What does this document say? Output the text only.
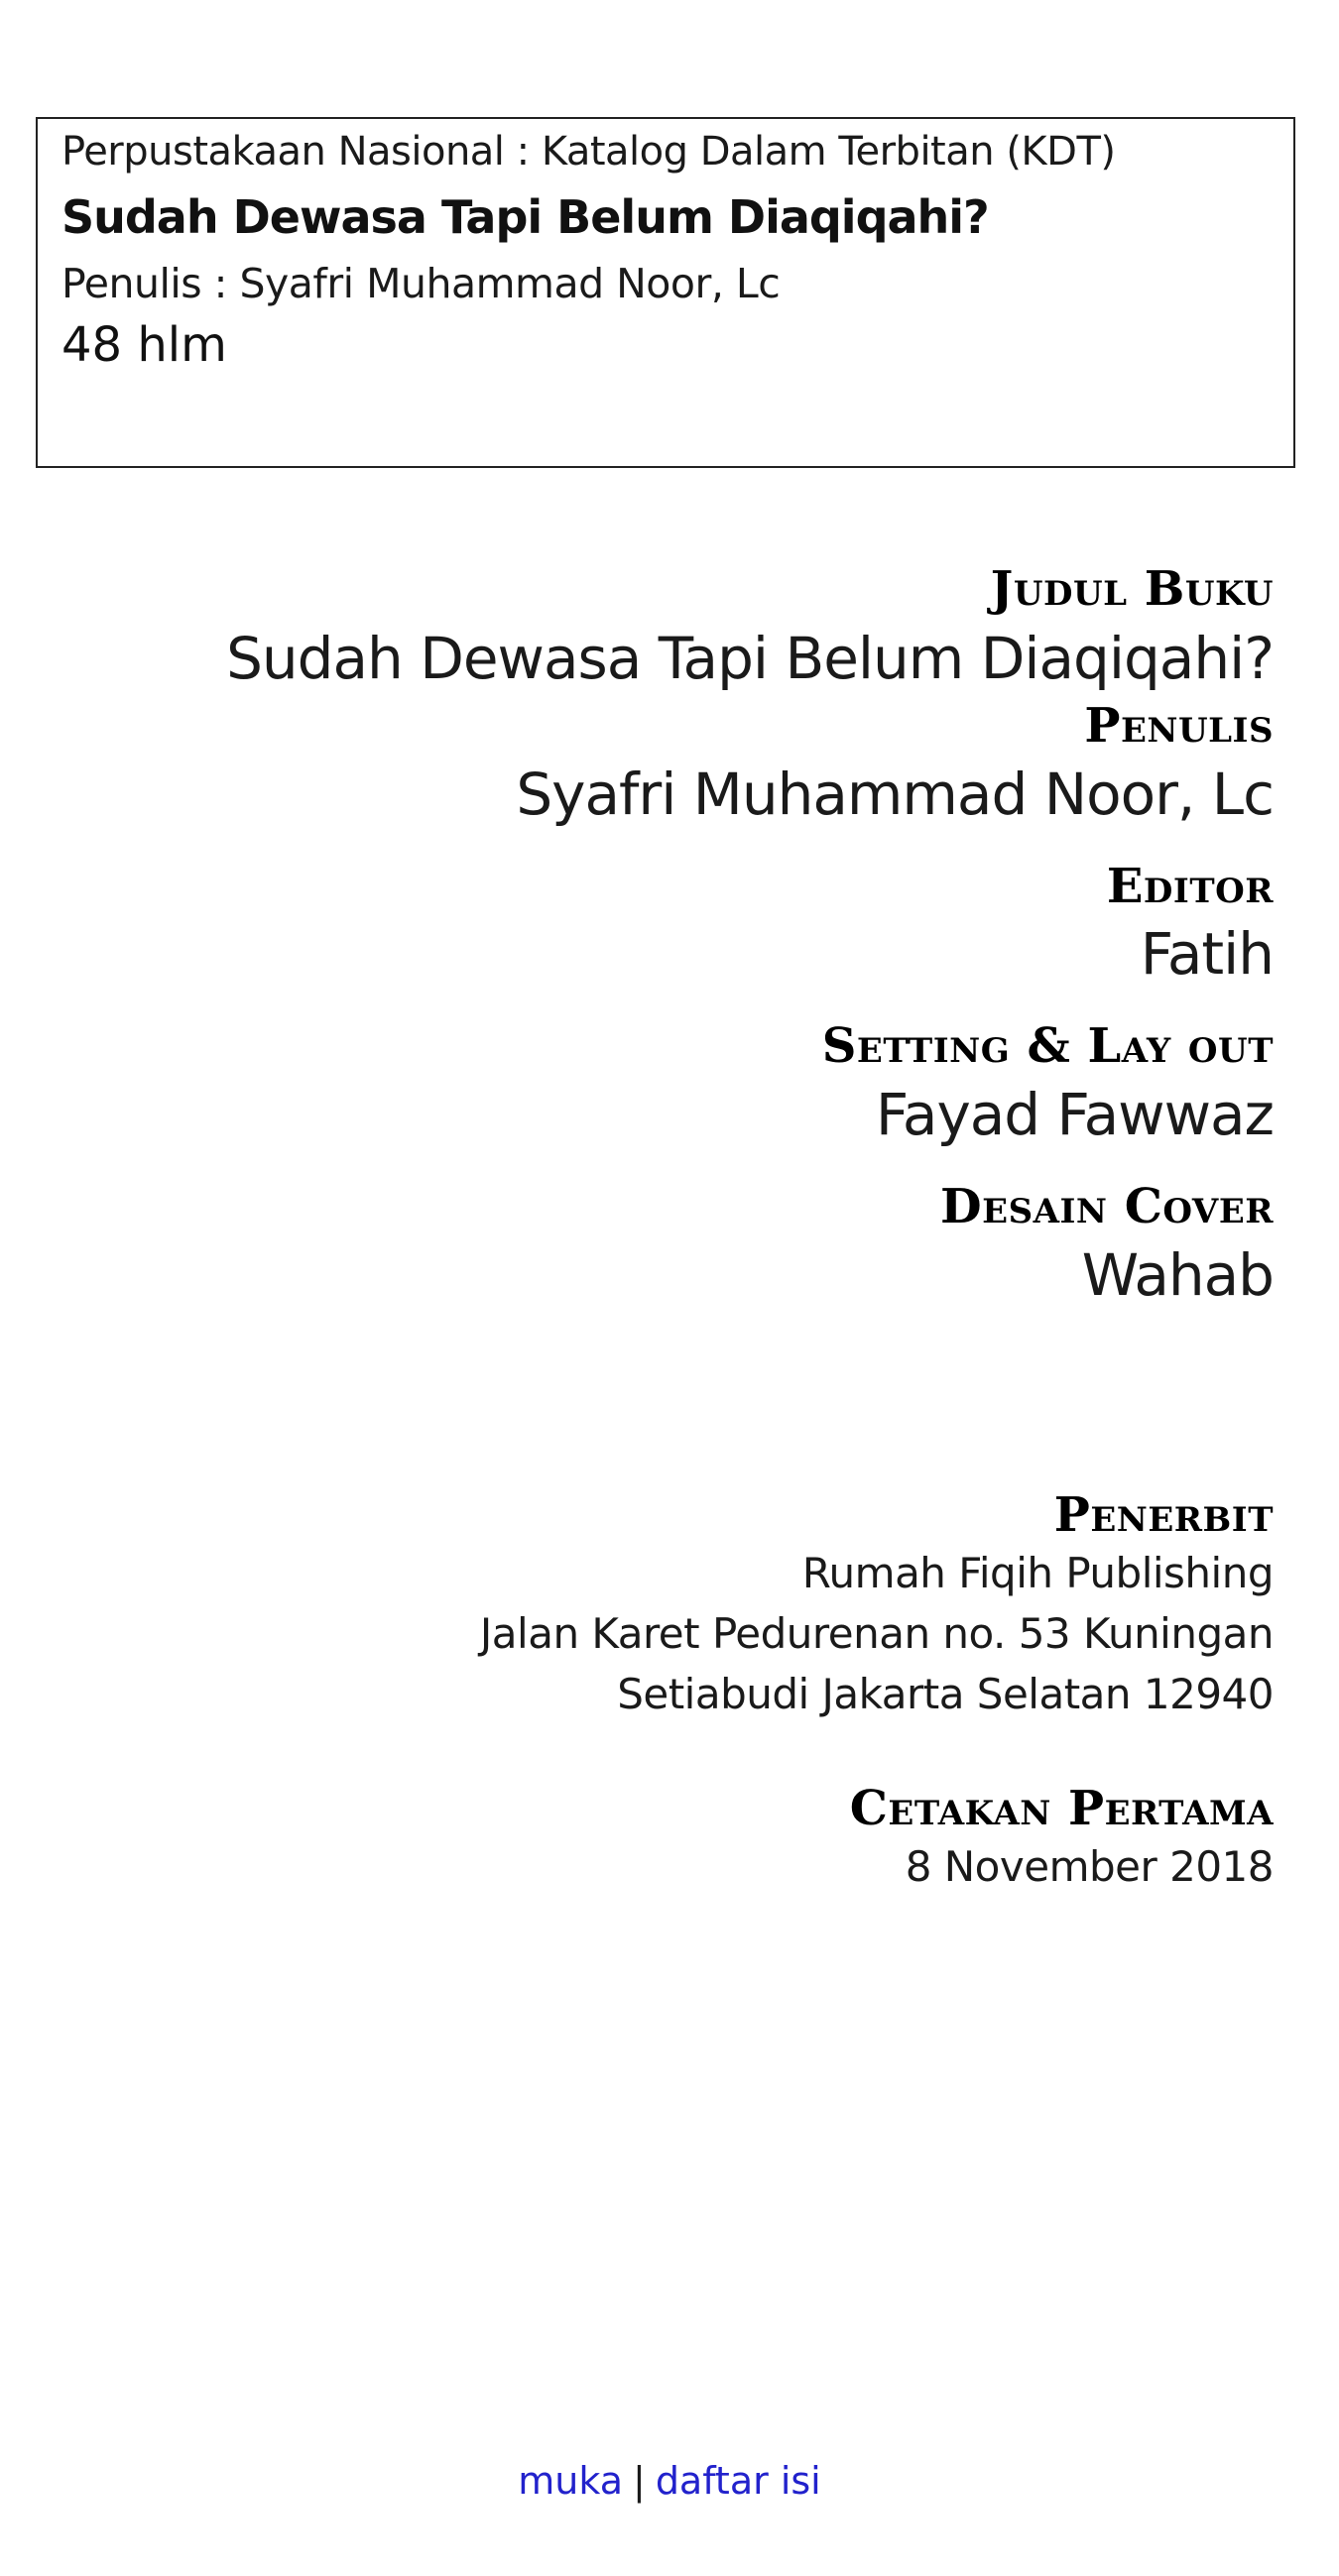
Perpustakaan Nasional : Katalog Dalam Terbitan (KDT)
Sudah Dewasa Tapi Belum Diaqiqahi?
Penulis : Syafri Muhammad Noor, Lc
48 hlm
Judul Buku
Sudah Dewasa Tapi Belum Diaqiqahi?
Penulis
Syafri Muhammad Noor, Lc
Editor
Fatih
Setting & Lay out
Fayad Fawwaz
Desain Cover
Wahab
Penerbit
Rumah Fiqih Publishing
Jalan Karet Pedurenan no. 53 Kuningan
Setiabudi Jakarta Selatan 12940
Cetakan Pertama
8 November 2018
muka | daftar isi
